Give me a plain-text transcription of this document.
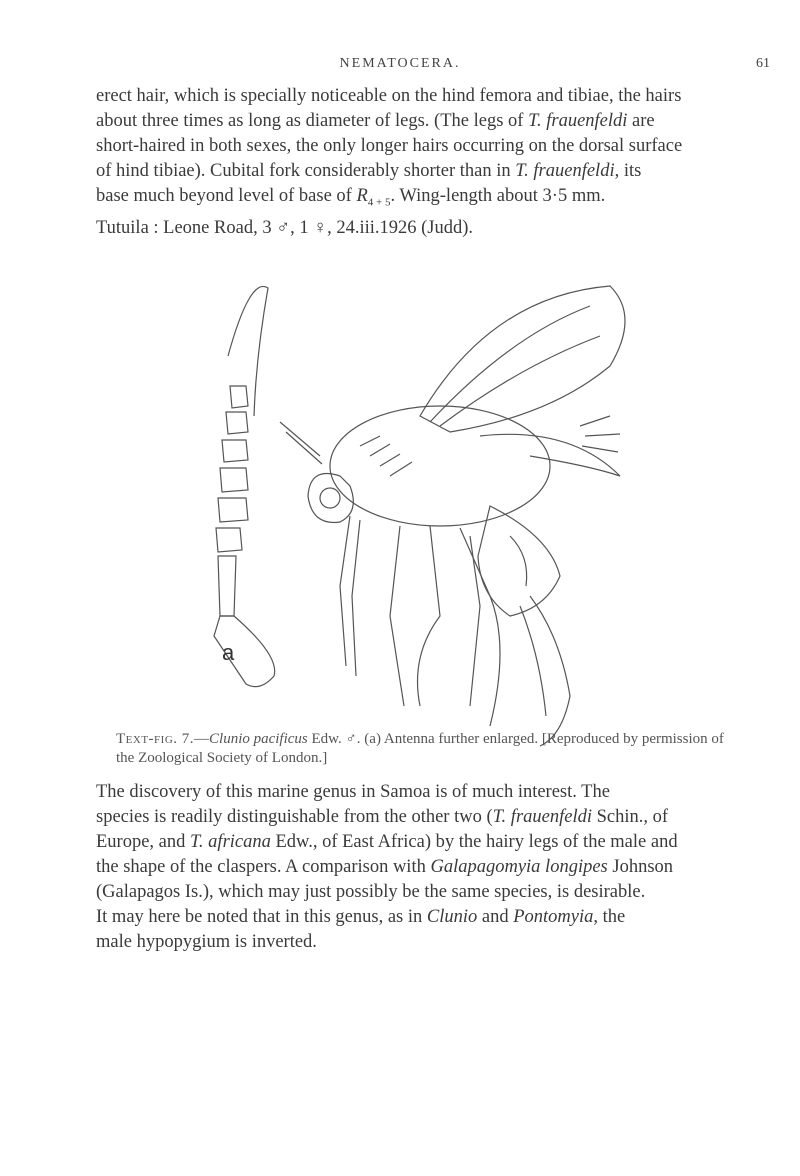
NEMATOCERA.	61
erect hair, which is specially noticeable on the hind femora and tibiae, the hairs
about three times as long as diameter of legs. (The legs of T. frauenfeldi are
short-haired in both sexes, the only longer hairs occurring on the dorsal surface
of hind tibiae). Cubital fork considerably shorter than in T. frauenfeldi, its
base much beyond level of base of $R_{4 + 5}$. Wing-length about 3·5 mm.
Tutuila : Leone Road, 3 ♂, 1 ♀, 24.iii.1926 (Judd).
a
Text-fig. 7.—Clunio pacificus Edw. ♂. (a) Antenna further enlarged. [Reproduced by permission of the Zoological Society of London.]
The discovery of this marine genus in Samoa is of much interest. The
species is readily distinguishable from the other two (T. frauenfeldi Schin., of
Europe, and T. africana Edw., of East Africa) by the hairy legs of the male and
the shape of the claspers. A comparison with Galapagomyia longipes Johnson
(Galapagos Is.), which may just possibly be the same species, is desirable.
It may here be noted that in this genus, as in Clunio and Pontomyia, the
male hypopygium is inverted.
